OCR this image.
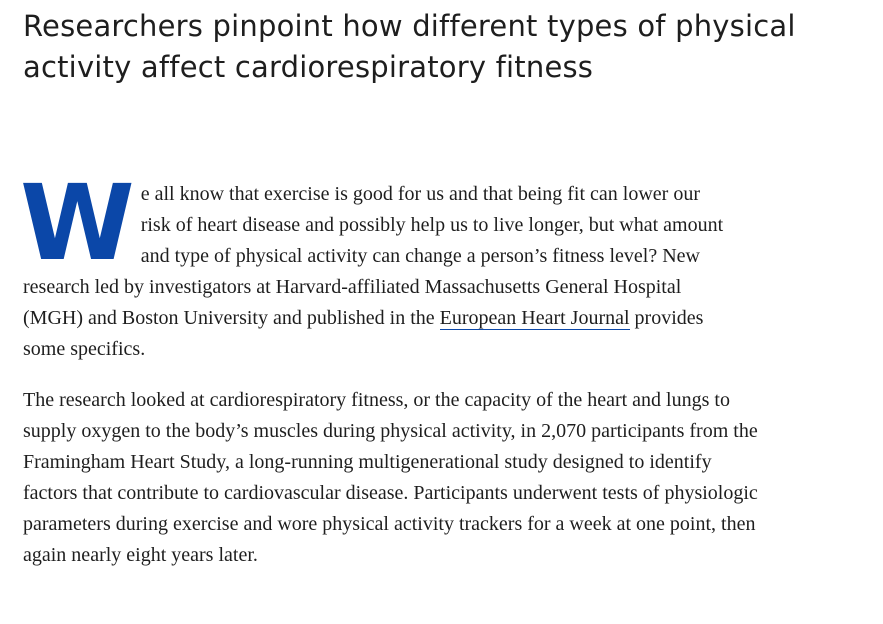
Researchers pinpoint how different types of physical activity affect cardiorespiratory fitness

We all know that exercise is good for us and that being fit can lower our risk of heart disease and possibly help us to live longer, but what amount and type of physical activity can change a person’s fitness level? New research led by investigators at Harvard-affiliated Massachusetts General Hospital (MGH) and Boston University and published in the European Heart Journal provides some specifics.

The research looked at cardiorespiratory fitness, or the capacity of the heart and lungs to supply oxygen to the body’s muscles during physical activity, in 2,070 participants from the Framingham Heart Study, a long-running multigenerational study designed to identify factors that contribute to cardiovascular disease. Participants underwent tests of physiologic parameters during exercise and wore physical activity trackers for a week at one point, then again nearly eight years later.
